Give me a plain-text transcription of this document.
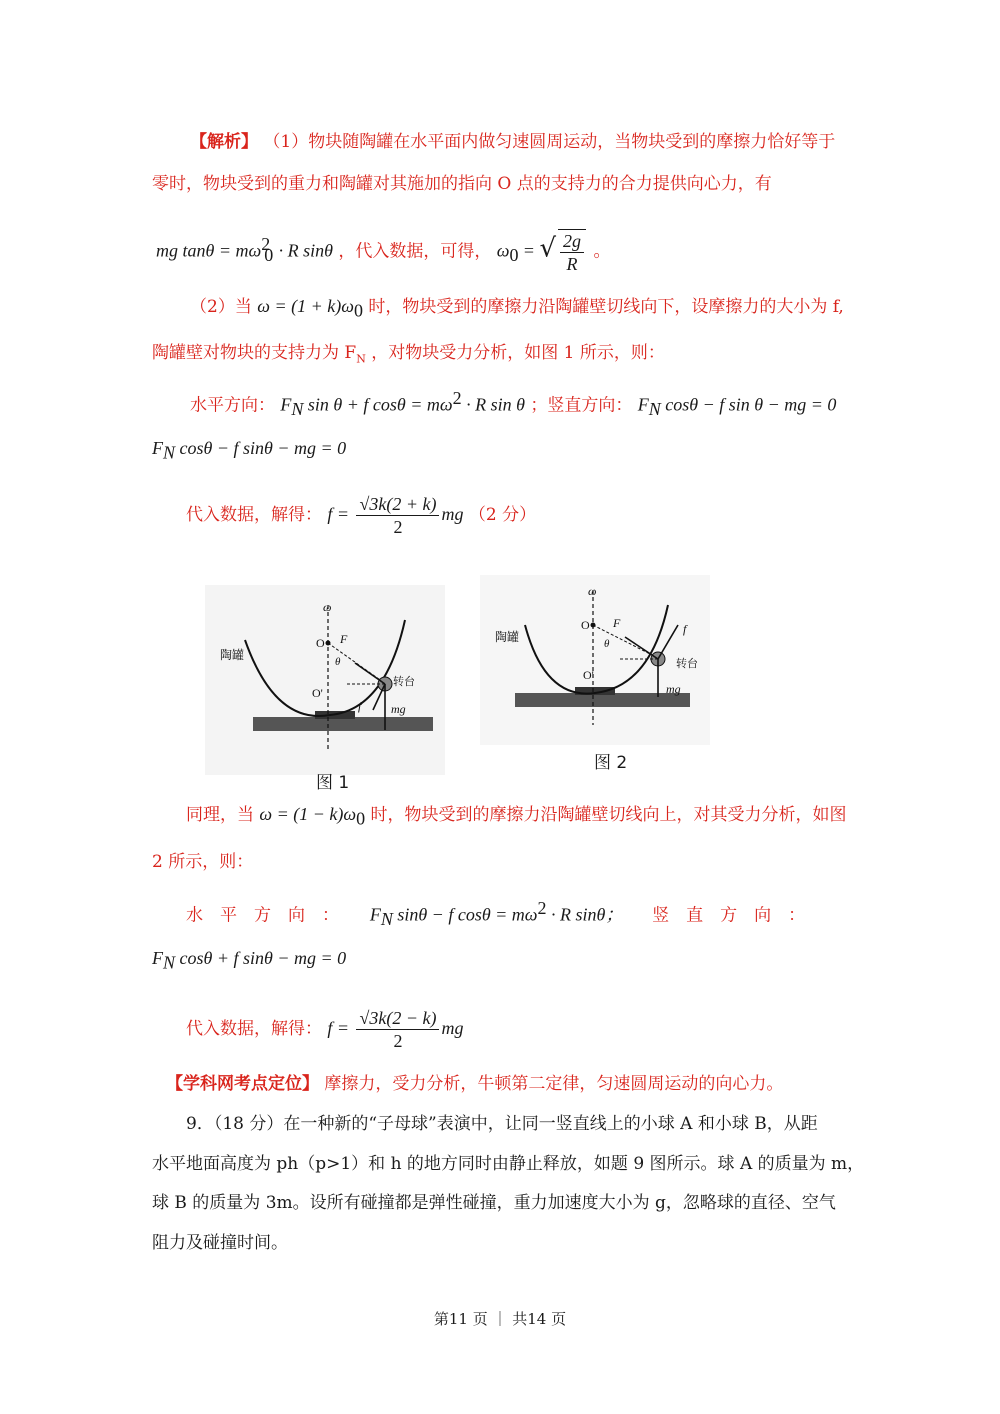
【解析】 （1）物块随陶罐在水平面内做匀速圆周运动，当物块受到的摩擦力恰好等于
零时，物块受到的重力和陶罐对其施加的指向 O 点的支持力的合力提供向心力，有
mg $\tan\theta = m\omega^2_0 \cdot R$ sinθ ，代入数据，可得， $\omega_0$ = √ $\frac{2g}{R}$ 。
（2）当 $\omega = (1 + k)\omega_0$ 时，物块受到的摩擦力沿陶罐壁切线向下，设摩擦力的大小为 f,
陶罐壁对物块的支持力为 $F_N$ ，对物块受力分析，如图 1 所示，则：
水平方向： $F_N$ sin θ + f $\cos\theta = m\omega^2 \cdot R$ sin θ ；竖直方向： $F_N$ cosθ − f sin θ − mg = 0
$F_N$ cosθ − f sinθ − mg = 0
代入数据，解得： $f = \frac{√3k(2 + k)}{2}$ mg （2 分）
陶罐
转台
O
O'
F
mg
f
θ
ω
图 1
陶罐
转台
O
O'
F
mg
f
θ
ω
图 2
同理，当 $\omega = (1 - k)\omega_0$ 时，物块受到的摩擦力沿陶罐壁切线向上，对其受力分析，如图
2 所示，则：
水　平　方　向　： $F_N$ sinθ − f $\cos\theta = m\omega^2 \cdot R$ sinθ； 竖　直　方　向　：
$F_N$ cosθ + f sinθ − mg = 0
代入数据，解得： $f = \frac{√3k(2 - k)}{2}$ mg
【学科网考点定位】 摩擦力，受力分析，牛顿第二定律，匀速圆周运动的向心力。
9．（18 分）在一种新的“子母球”表演中，让同一竖直线上的小球 A 和小球 B，从距
水平地面高度为 ph（p>1）和 h 的地方同时由静止释放，如题 9 图所示。球 A 的质量为 m，
球 B 的质量为 3m。设所有碰撞都是弹性碰撞，重力加速度大小为 g，忽略球的直径、空气
阻力及碰撞时间。
第11 页 ｜ 共14 页
